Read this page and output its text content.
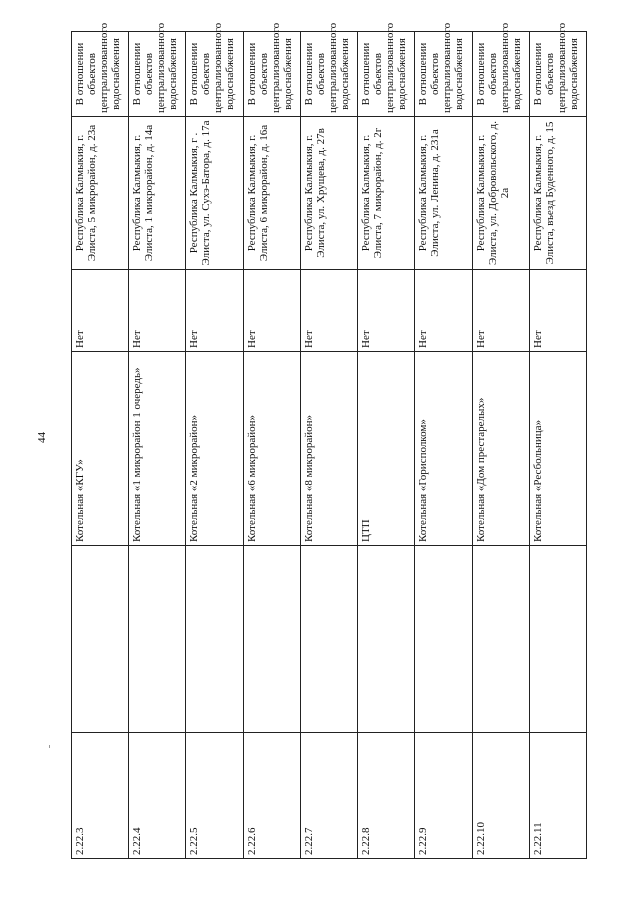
44
2.22.3		Котельная «КГУ»	Нет	Республика Калмыкия, г. Элиста, 5 микрорайон, д. 23а	В отношении объектов централизованного водоснабжения
2.22.4		Котельная «1 микрорайон 1 очередь»	Нет	Республика Калмыкия, г. Элиста, 1 микрорайон, д. 14а	В отношении объектов централизованного водоснабжения
2.22.5		Котельная «2 микрорайон»	Нет	Республика Калмыкия, г . Элиста, ул. Сухэ-Батора, д. 17а	В отношении объектов централизованного водоснабжения
2.22.6		Котельная «6 микрорайон»	Нет	Республика Калмыкия, г. Элиста, 6 микрорайон, д. 16а	В отношении объектов централизованного водоснабжения
2.22.7		Котельная «8 микрорайон»	Нет	Республика Калмыкия, г. Элиста, ул. Хрущева, д. 27в	В отношении объектов централизованного водоснабжения
2.22.8		ЦТП	Нет	Республика Калмыкия, г. Элиста, 7 микрорайон, д. 2г	В отношении объектов централизованного водоснабжения
2.22.9		Котельная «Горисполком»	Нет	Республика Калмыкия, г. Элиста, ул. Ленина, д. 231а	В отношении объектов централизованного водоснабжения
2.22.10		Котельная «Дом престарелых»	Нет	Республика Калмыкия, г. Элиста, ул. Добровольского, д. 2а	В отношении объектов централизованного водоснабжения
2.22.11		Котельная «Ресбольница»	Нет	Республика Калмыкия, г. Элиста, въезд Буденного, д. 15	В отношении объектов централизованного водоснабжения
